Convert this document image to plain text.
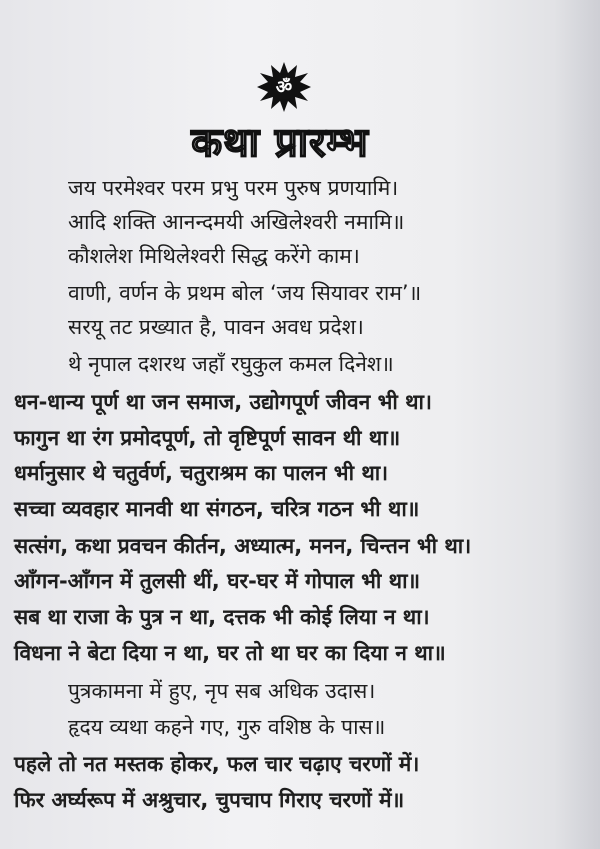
ॐ
कथा प्रारम्भ
जय परमेश्वर परम प्रभु परम पुरुष प्रणयामि।
आदि शक्ति आनन्दमयी अखिलेश्वरी नमामि॥
कौशलेश मिथिलेश्वरी सिद्ध करेंगे काम।
वाणी, वर्णन के प्रथम बोल ‘जय सियावर राम’॥
सरयू तट प्रख्यात है, पावन अवध प्रदेश।
थे नृपाल दशरथ जहाँ रघुकुल कमल दिनेश॥
धन-धान्य पूर्ण था जन समाज, उद्योगपूर्ण जीवन भी था।
फागुन था रंग प्रमोदपूर्ण, तो वृष्टिपूर्ण सावन थी था॥
धर्मानुसार थे चतुर्वर्ण, चतुराश्रम का पालन भी था।
सच्चा व्यवहार मानवी था संगठन, चरित्र गठन भी था॥
सत्संग, कथा प्रवचन कीर्तन, अध्यात्म, मनन, चिन्तन भी था।
आँगन-आँगन में तुलसी थीं, घर-घर में गोपाल भी था॥
सब था राजा के पुत्र न था, दत्तक भी कोई लिया न था।
विधना ने बेटा दिया न था, घर तो था घर का दिया न था॥
पुत्रकामना में हुए, नृप सब अधिक उदास।
हृदय व्यथा कहने गए, गुरु वशिष्ठ के पास॥
पहले तो नत मस्तक होकर, फल चार चढ़ाए चरणों में।
फिर अर्घ्यरूप में अश्रुचार, चुपचाप गिराए चरणों में॥
